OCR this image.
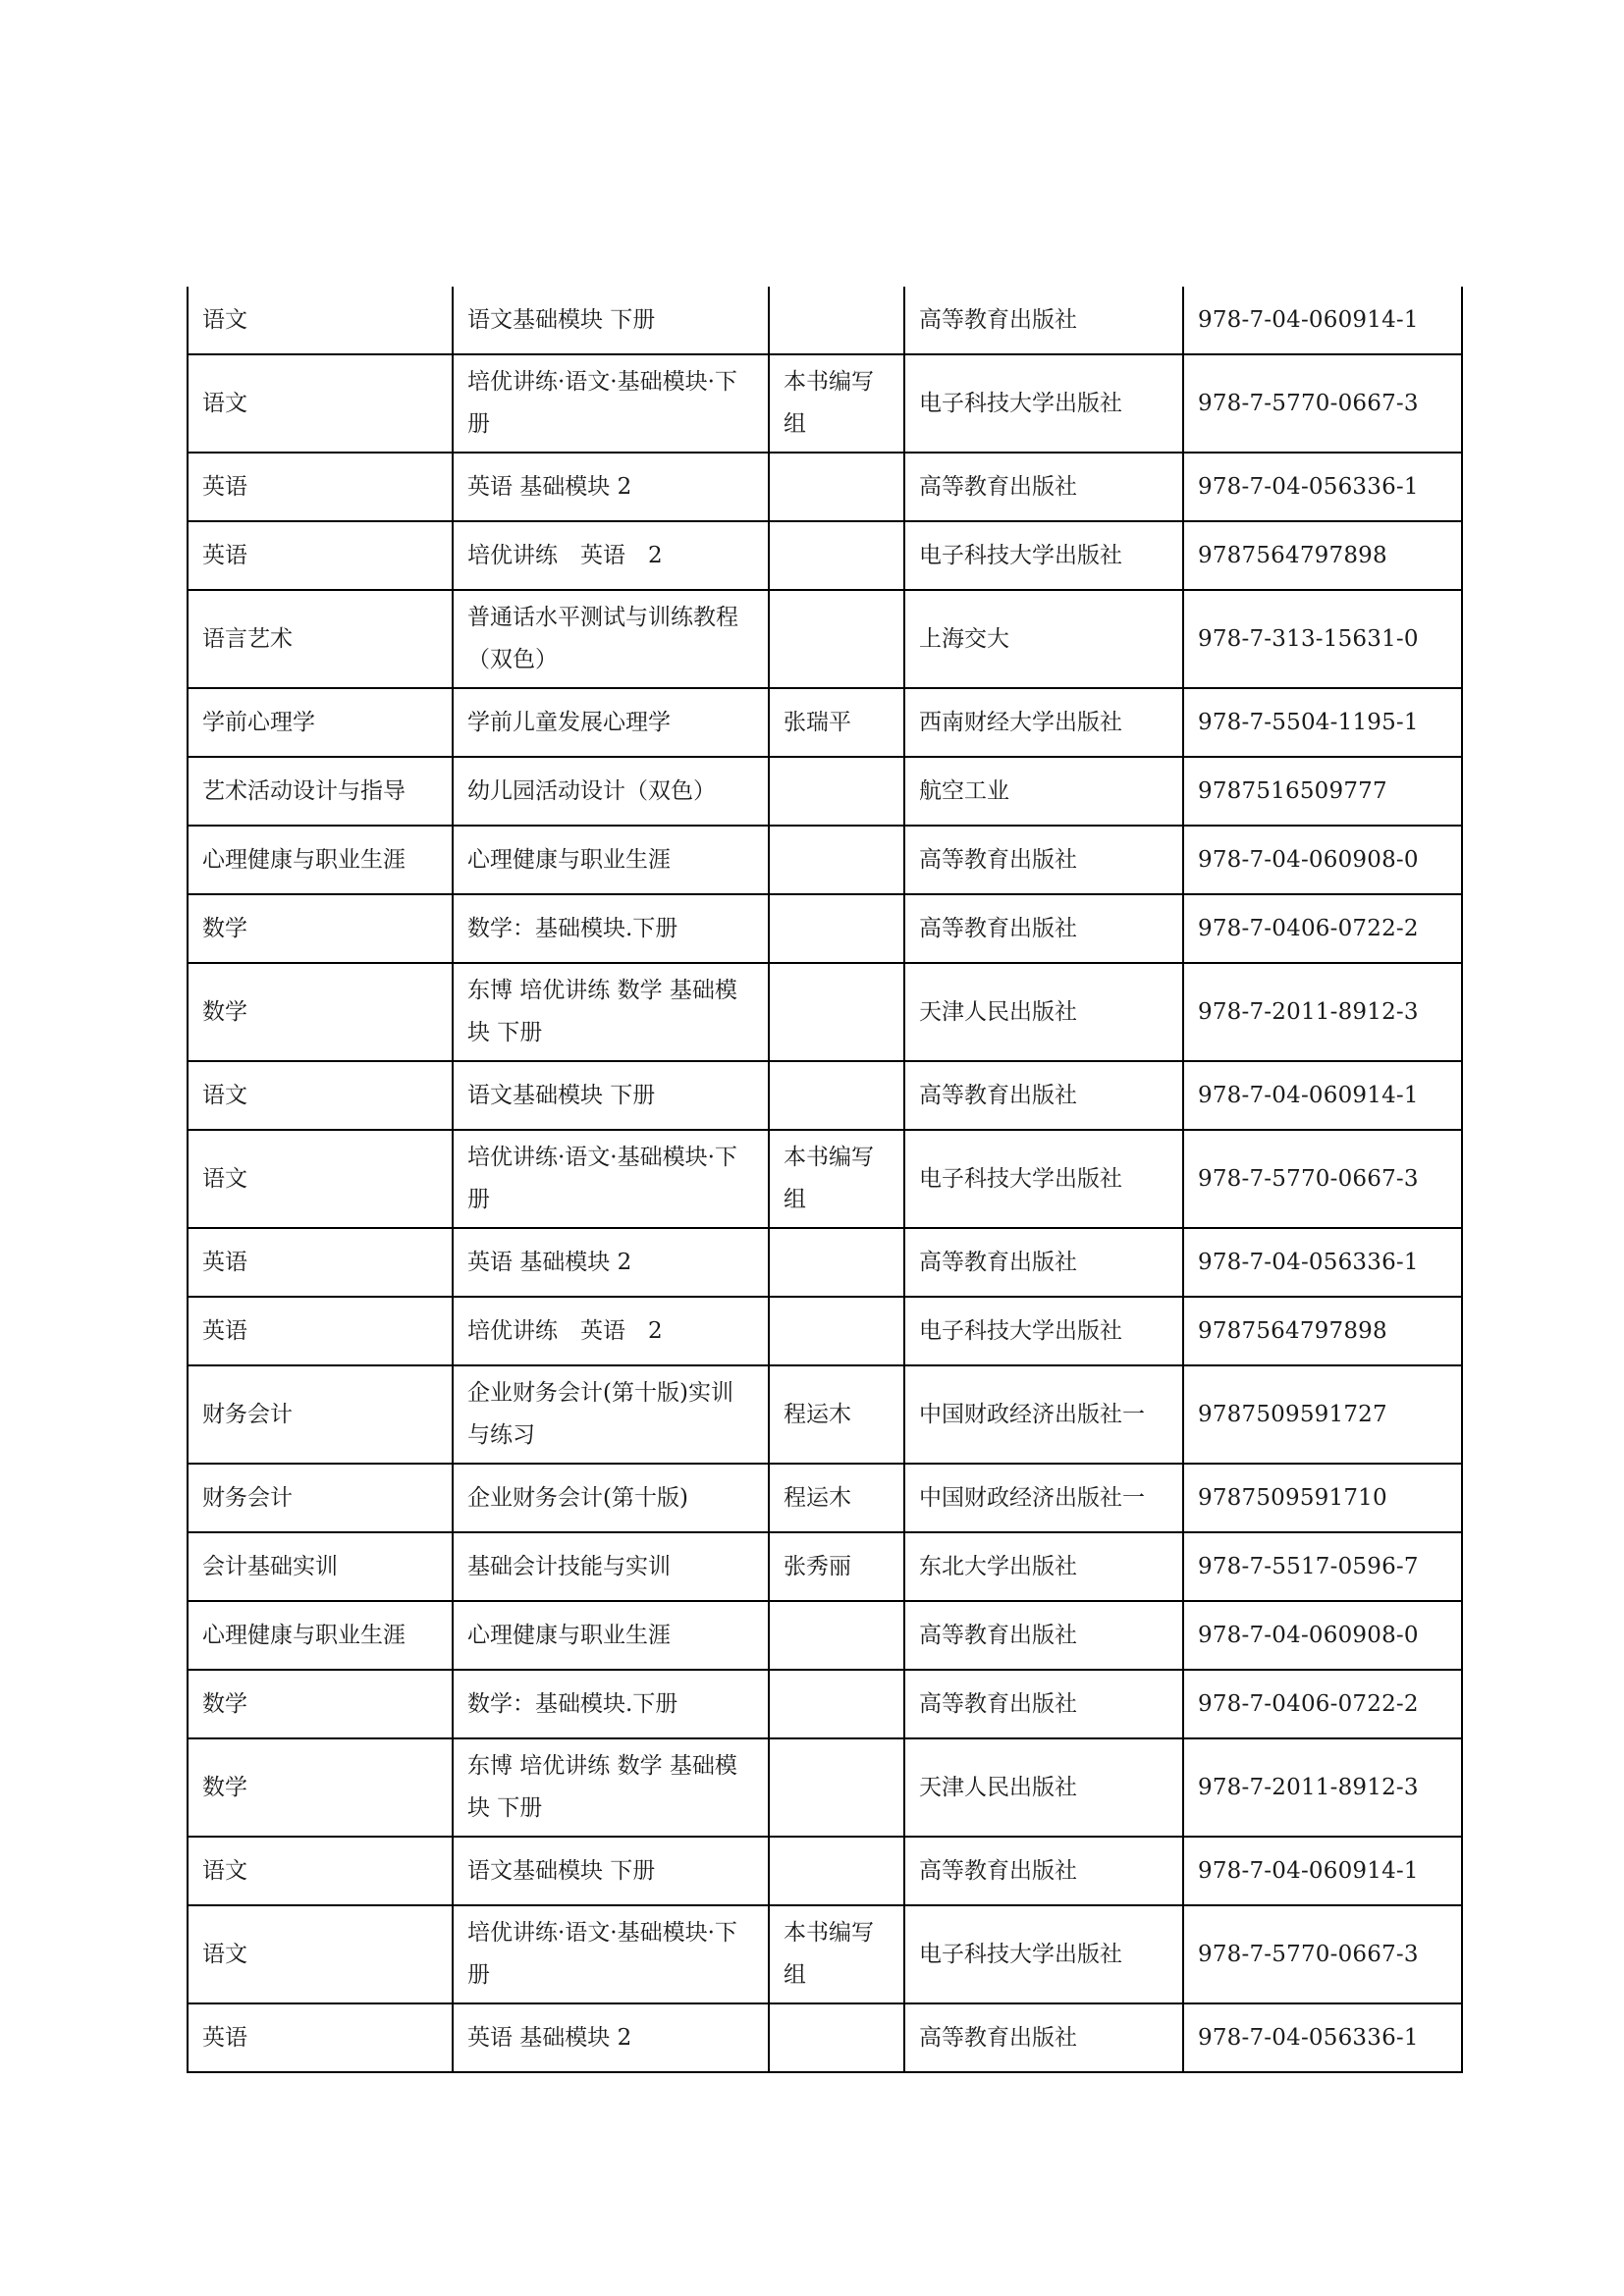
语文	语文基础模块 下册		高等教育出版社	978-7-04-060914-1
语文	培优讲练·语文·基础模块·下册	本书编写组	电子科技大学出版社	978-7-5770-0667-3
英语	英语 基础模块 2		高等教育出版社	978-7-04-056336-1
英语	培优讲练　英语　2		电子科技大学出版社	9787564797898
语言艺术	普通话水平测试与训练教程（双色）		上海交大	978-7-313-15631-0
学前心理学	学前儿童发展心理学	张瑞平	西南财经大学出版社	978-7-5504-1195-1
艺术活动设计与指导	幼儿园活动设计（双色）		航空工业	9787516509777
心理健康与职业生涯	心理健康与职业生涯		高等教育出版社	978-7-04-060908-0
数学	数学：基础模块.下册		高等教育出版社	978-7-0406-0722-2
数学	东博 培优讲练 数学 基础模块 下册		天津人民出版社	978-7-2011-8912-3
语文	语文基础模块 下册		高等教育出版社	978-7-04-060914-1
语文	培优讲练·语文·基础模块·下册	本书编写组	电子科技大学出版社	978-7-5770-0667-3
英语	英语 基础模块 2		高等教育出版社	978-7-04-056336-1
英语	培优讲练　英语　2		电子科技大学出版社	9787564797898
财务会计	企业财务会计(第十版)实训与练习	程运木	中国财政经济出版社一	9787509591727
财务会计	企业财务会计(第十版)	程运木	中国财政经济出版社一	9787509591710
会计基础实训	基础会计技能与实训	张秀丽	东北大学出版社	978-7-5517-0596-7
心理健康与职业生涯	心理健康与职业生涯		高等教育出版社	978-7-04-060908-0
数学	数学：基础模块.下册		高等教育出版社	978-7-0406-0722-2
数学	东博 培优讲练 数学 基础模块 下册		天津人民出版社	978-7-2011-8912-3
语文	语文基础模块 下册		高等教育出版社	978-7-04-060914-1
语文	培优讲练·语文·基础模块·下册	本书编写组	电子科技大学出版社	978-7-5770-0667-3
英语	英语 基础模块 2		高等教育出版社	978-7-04-056336-1
